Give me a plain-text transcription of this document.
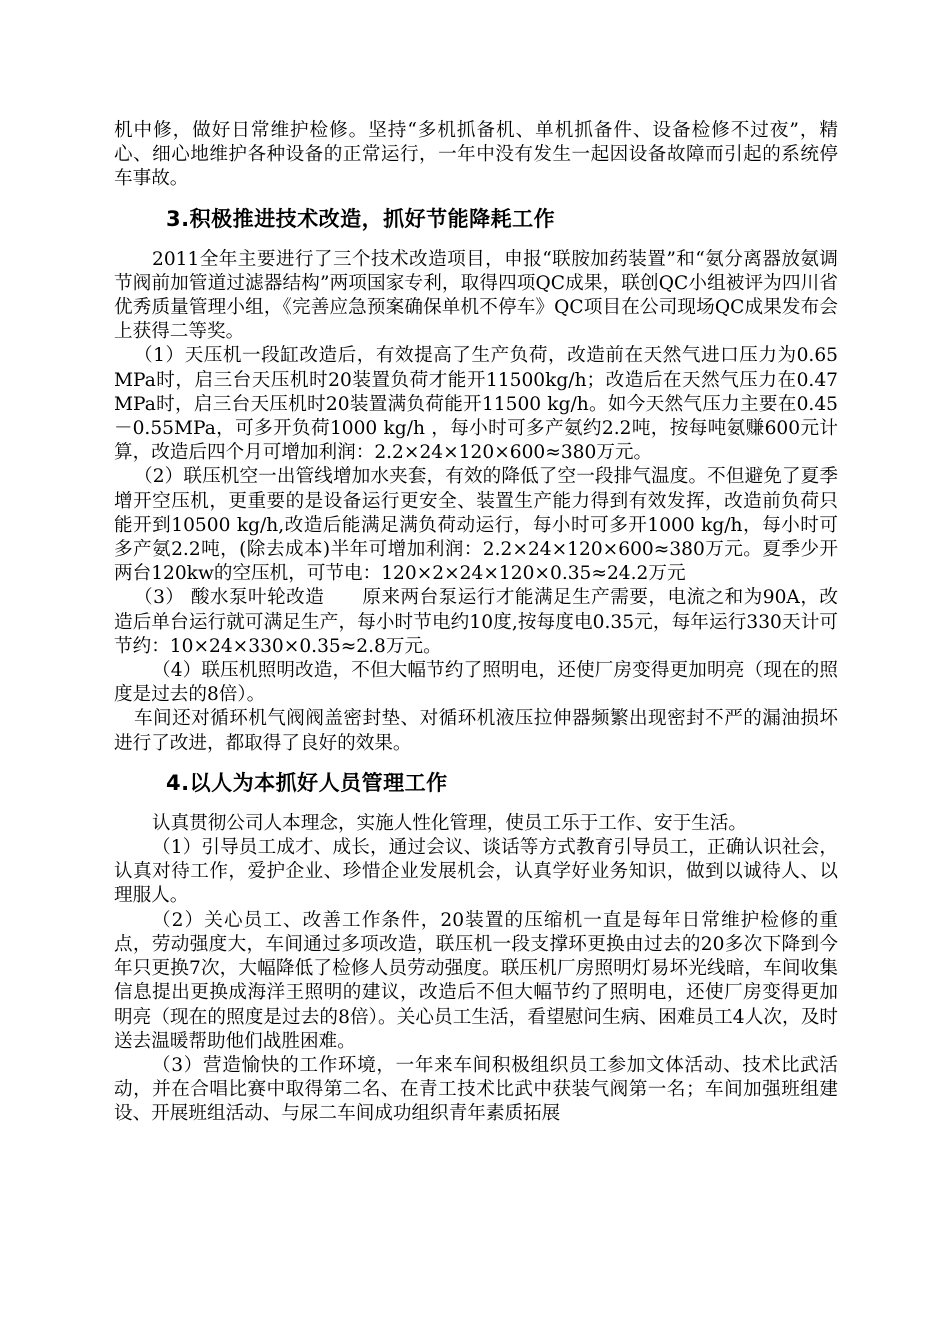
机中修，做好日常维护检修。坚持“多机抓备机、单机抓备件、设备检修不过夜”，精心、细心地维护各种设备的正常运行，一年中没有发生一起因设备故障而引起的系统停车事故。

3.积极推进技术改造，抓好节能降耗工作

2011全年主要进行了三个技术改造项目，申报“联胺加药装置”和“氨分离器放氨调节阀前加管道过滤器结构”两项国家专利，取得四项QC成果，联创QC小组被评为四川省优秀质量管理小组，《完善应急预案确保单机不停车》QC项目在公司现场QC成果发布会上获得二等奖。

（1）天压机一段缸改造后，有效提高了生产负荷，改造前在天然气进口压力为0.65MPa时，启三台天压机时20装置负荷才能开11500kg/h；改造后在天然气压力在0.47MPa时，启三台天压机时20装置满负荷能开11500 kg/h。如今天然气压力主要在0.45－0.55MPa，可多开负荷1000 kg/h ，每小时可多产氨约2.2吨，按每吨氨赚600元计算，改造后四个月可增加利润：2.2×24×120×600≈380万元。

（2）联压机空一出管线增加水夹套，有效的降低了空一段排气温度。不但避免了夏季增开空压机，更重要的是设备运行更安全、装置生产能力得到有效发挥，改造前负荷只能开到10500 kg/h,改造后能满足满负荷动运行，每小时可多开1000 kg/h，每小时可多产氨2.2吨，(除去成本)半年可增加利润：2.2×24×120×600≈380万元。夏季少开两台120kw的空压机，可节电：120×2×24×120×0.35≈24.2万元

（3） 酸水泵叶轮改造　　原来两台泵运行才能满足生产需要，电流之和为90A，改造后单台运行就可满足生产，每小时节电约10度,按每度电0.35元，每年运行330天计可节约：10×24×330×0.35≈2.8万元。

（4）联压机照明改造，不但大幅节约了照明电，还使厂房变得更加明亮（现在的照度是过去的8倍）。

车间还对循环机气阀阀盖密封垫、对循环机液压拉伸器频繁出现密封不严的漏油损坏进行了改进，都取得了良好的效果。

4.以人为本抓好人员管理工作

认真贯彻公司人本理念，实施人性化管理，使员工乐于工作、安于生活。

（1）引导员工成才、成长，通过会议、谈话等方式教育引导员工，正确认识社会，认真对待工作，爱护企业、珍惜企业发展机会，认真学好业务知识，做到以诚待人、以理服人。

（2）关心员工、改善工作条件，20装置的压缩机一直是每年日常维护检修的重点，劳动强度大，车间通过多项改造，联压机一段支撑环更换由过去的20多次下降到今年只更换7次，大幅降低了检修人员劳动强度。联压机厂房照明灯易坏光线暗，车间收集信息提出更换成海洋王照明的建议，改造后不但大幅节约了照明电，还使厂房变得更加明亮（现在的照度是过去的8倍）。关心员工生活，看望慰问生病、困难员工4人次，及时送去温暖帮助他们战胜困难。

（3）营造愉快的工作环境，一年来车间积极组织员工参加文体活动、技术比武活动，并在合唱比赛中取得第二名、在青工技术比武中获装气阀第一名；车间加强班组建设、开展班组活动、与尿二车间成功组织青年素质拓展
